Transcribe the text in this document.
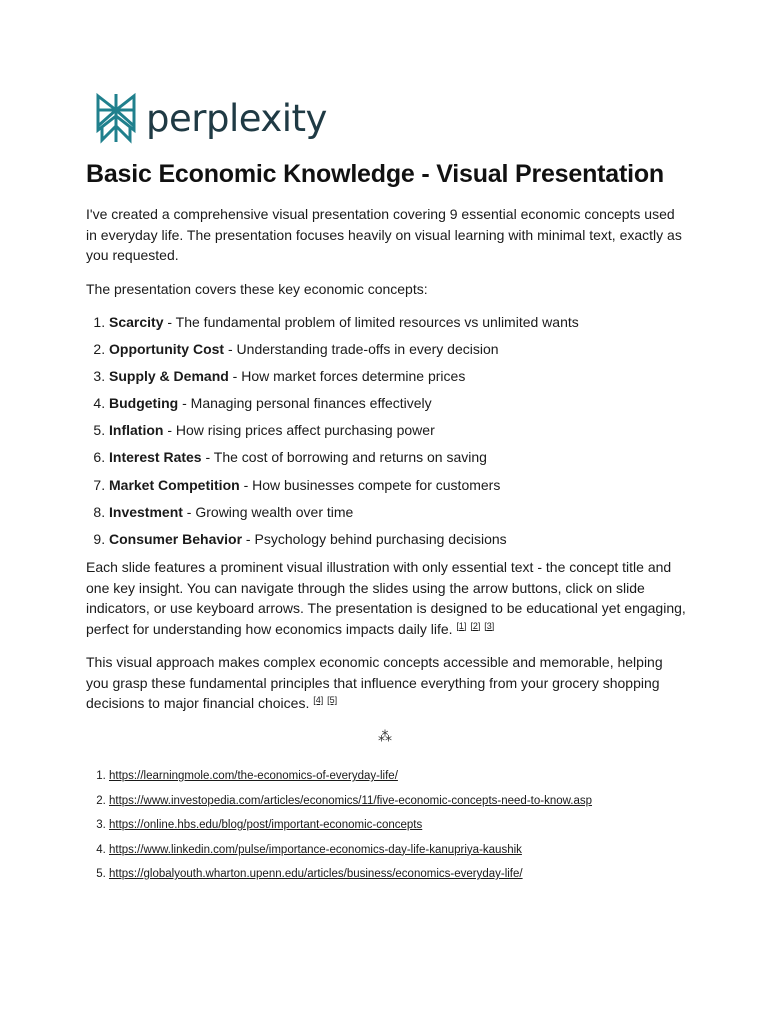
perplexity
Basic Economic Knowledge - Visual Presentation

I've created a comprehensive visual presentation covering 9 essential economic concepts used in everyday life. The presentation focuses heavily on visual learning with minimal text, exactly as you requested.

The presentation covers these key economic concepts:

1. Scarcity - The fundamental problem of limited resources vs unlimited wants
2. Opportunity Cost - Understanding trade-offs in every decision
3. Supply & Demand - How market forces determine prices
4. Budgeting - Managing personal finances effectively
5. Inflation - How rising prices affect purchasing power
6. Interest Rates - The cost of borrowing and returns on saving
7. Market Competition - How businesses compete for customers
8. Investment - Growing wealth over time
9. Consumer Behavior - Psychology behind purchasing decisions

Each slide features a prominent visual illustration with only essential text - the concept title and one key insight. You can navigate through the slides using the arrow buttons, click on slide indicators, or use keyboard arrows. The presentation is designed to be educational yet engaging, perfect for understanding how economics impacts daily life. [1] [2] [3]

This visual approach makes complex economic concepts accessible and memorable, helping you grasp these fundamental principles that influence everything from your grocery shopping decisions to major financial choices. [4] [5]

⁂
1. https://learningmole.com/the-economics-of-everyday-life/
2. https://www.investopedia.com/articles/economics/11/five-economic-concepts-need-to-know.asp
3. https://online.hbs.edu/blog/post/important-economic-concepts
4. https://www.linkedin.com/pulse/importance-economics-day-life-kanupriya-kaushik
5. https://globalyouth.wharton.upenn.edu/articles/business/economics-everyday-life/
